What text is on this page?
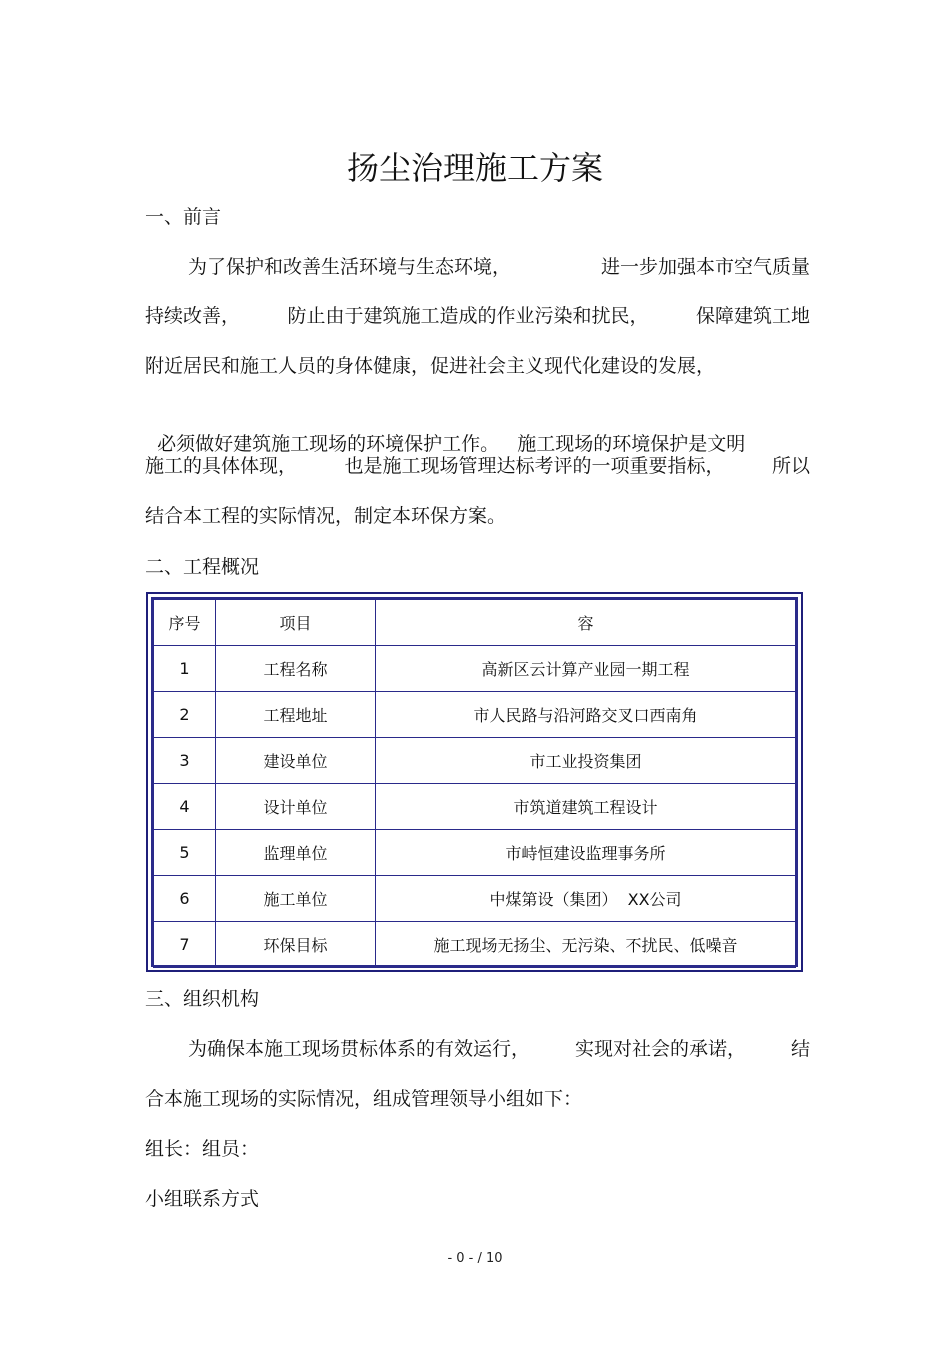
扬尘治理施工方案
一、前言
为了保护和改善生活环境与生态环境，	进一步加强本市空气质量
持续改善， 防止由于建筑施工造成的作业污染和扰民， 保障建筑工地
附近居民和施工人员的身体健康，促进社会主义现代化建设的发展，

必须做好建筑施工现场的环境保护工作。 施工现场的环境保护是文明

施工的具体体现， 也是施工现场管理达标考评的一项重要指标， 所以
结合本工程的实际情况，制定本环保方案。
二、工程概况
序号	项目	容
1	工程名称	高新区云计算产业园一期工程
2	工程地址	市人民路与沿河路交叉口西南角
3	建设单位	市工业投资集团
4	设计单位	市筑道建筑工程设计
5	监理单位	市峙恒建设监理事务所
6	施工单位	中煤第设（集团）  XX公司
7	环保目标	施工现场无扬尘、无污染、不扰民、低噪音
三、组织机构
为确保本施工现场贯标体系的有效运行， 实现对社会的承诺， 结
合本施工现场的实际情况，组成管理领导小组如下：
组长：组员：
小组联系方式
- 0 - / 10
